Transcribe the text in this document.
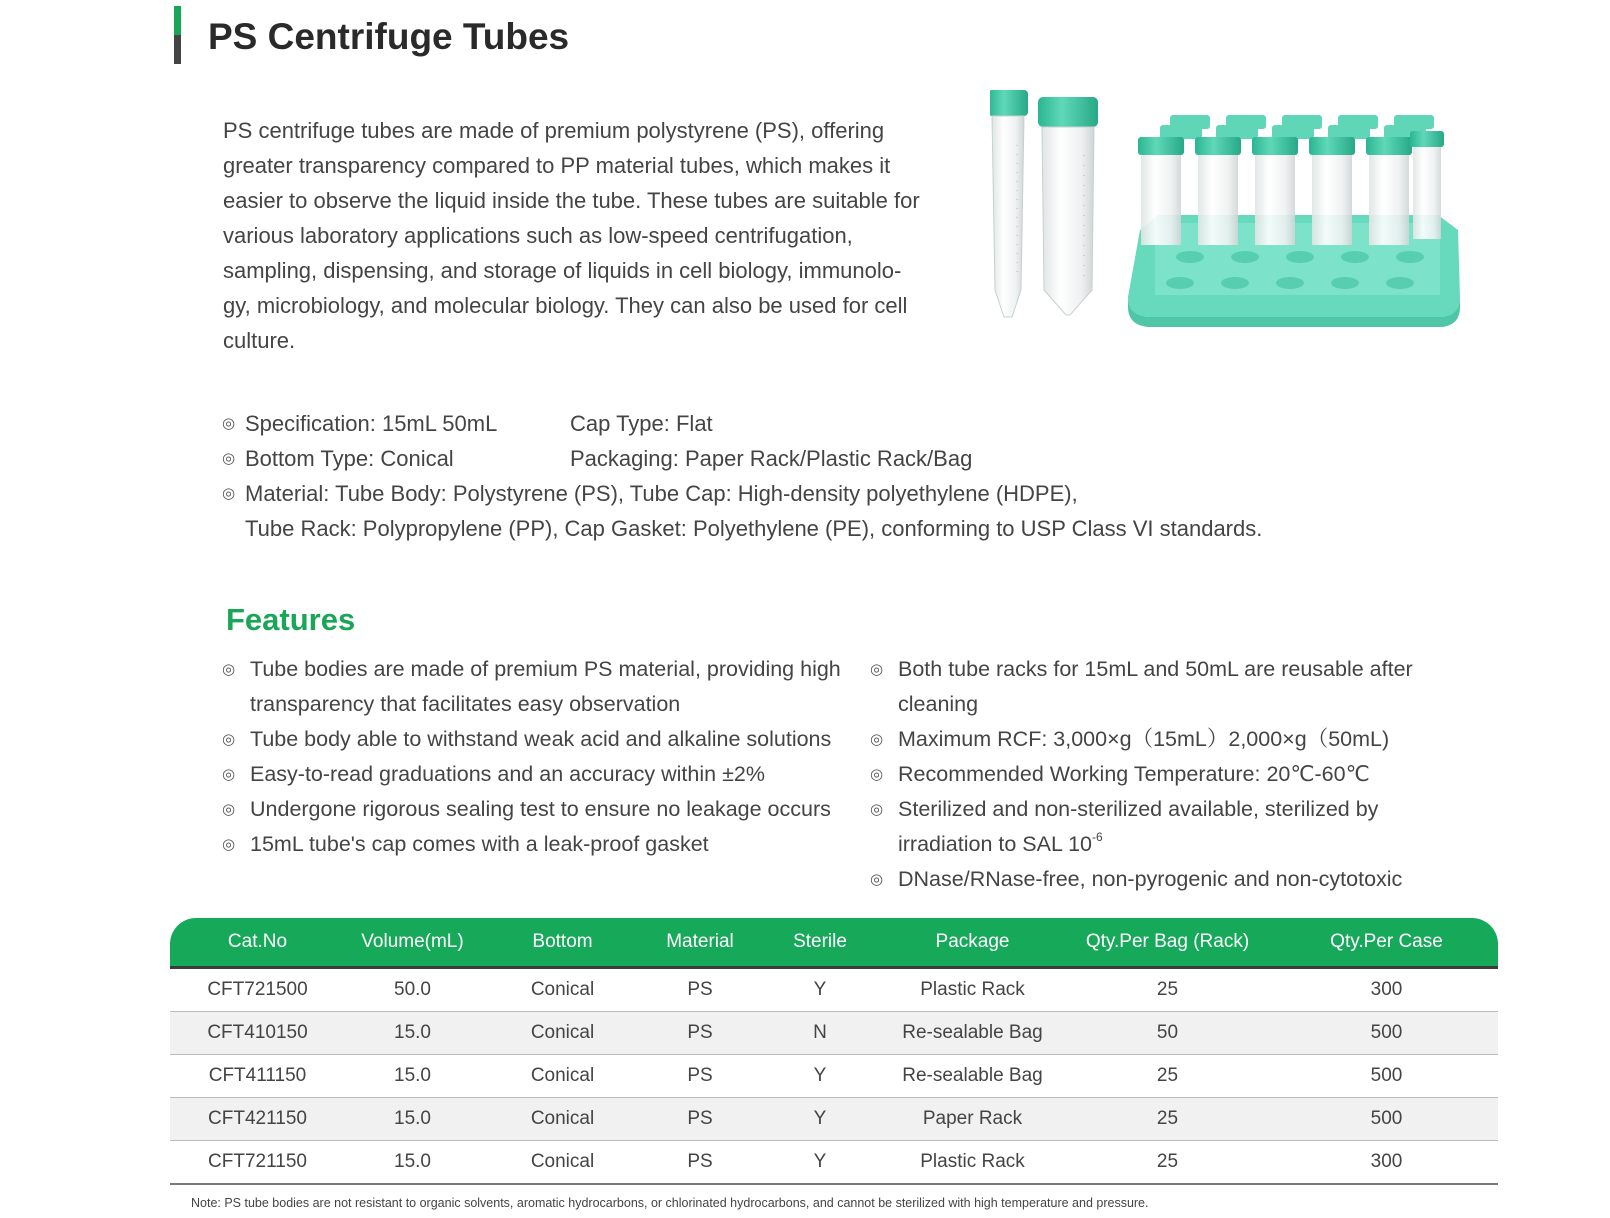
PS Centrifuge Tubes

PS centrifuge tubes are made of premium polystyrene (PS), offering greater transparency compared to PP material tubes, which makes it easier to observe the liquid inside the tube. These tubes are suitable for various laboratory applications such as low-speed centrifugation, sampling, dispensing, and storage of liquids in cell biology, immunolo-gy, microbiology, and molecular biology. They can also be used for cell culture.

◎ Specification: 15mL 50mL	Cap Type: Flat
◎ Bottom Type: Conical	Packaging: Paper Rack/Plastic Rack/Bag
◎ Material: Tube Body: Polystyrene (PS), Tube Cap: High-density polyethylene (HDPE),
Tube Rack: Polypropylene (PP), Cap Gasket: Polyethylene (PE), conforming to USP Class VI standards.
Features
◎ Tube bodies are made of premium PS material, providing high transparency that facilitates easy observation
◎ Tube body able to withstand weak acid and alkaline solutions
◎ Easy-to-read graduations and an accuracy within ±2%
◎ Undergone rigorous sealing test to ensure no leakage occurs
◎ 15mL tube's cap comes with a leak-proof gasket
◎ Both tube racks for 15mL and 50mL are reusable after cleaning
◎ Maximum RCF: 3,000×g（15mL）2,000×g（50mL)
◎ Recommended Working Temperature: 20℃-60℃
◎ Sterilized and non-sterilized available, sterilized by irradiation to SAL $10^{-6}$
◎ DNase/RNase-free, non-pyrogenic and non-cytotoxic
Cat.No	Volume(mL)	Bottom	Material	Sterile	Package	Qty.Per Bag (Rack)	Qty.Per Case
CFT721500	50.0	Conical	PS	Y	Plastic Rack	25	300
CFT410150	15.0	Conical	PS	N	Re-sealable Bag	50	500
CFT411150	15.0	Conical	PS	Y	Re-sealable Bag	25	500
CFT421150	15.0	Conical	PS	Y	Paper Rack	25	500
CFT721150	15.0	Conical	PS	Y	Plastic Rack	25	300
Note: PS tube bodies are not resistant to organic solvents, aromatic hydrocarbons, or chlorinated hydrocarbons, and cannot be sterilized with high temperature and pressure.
